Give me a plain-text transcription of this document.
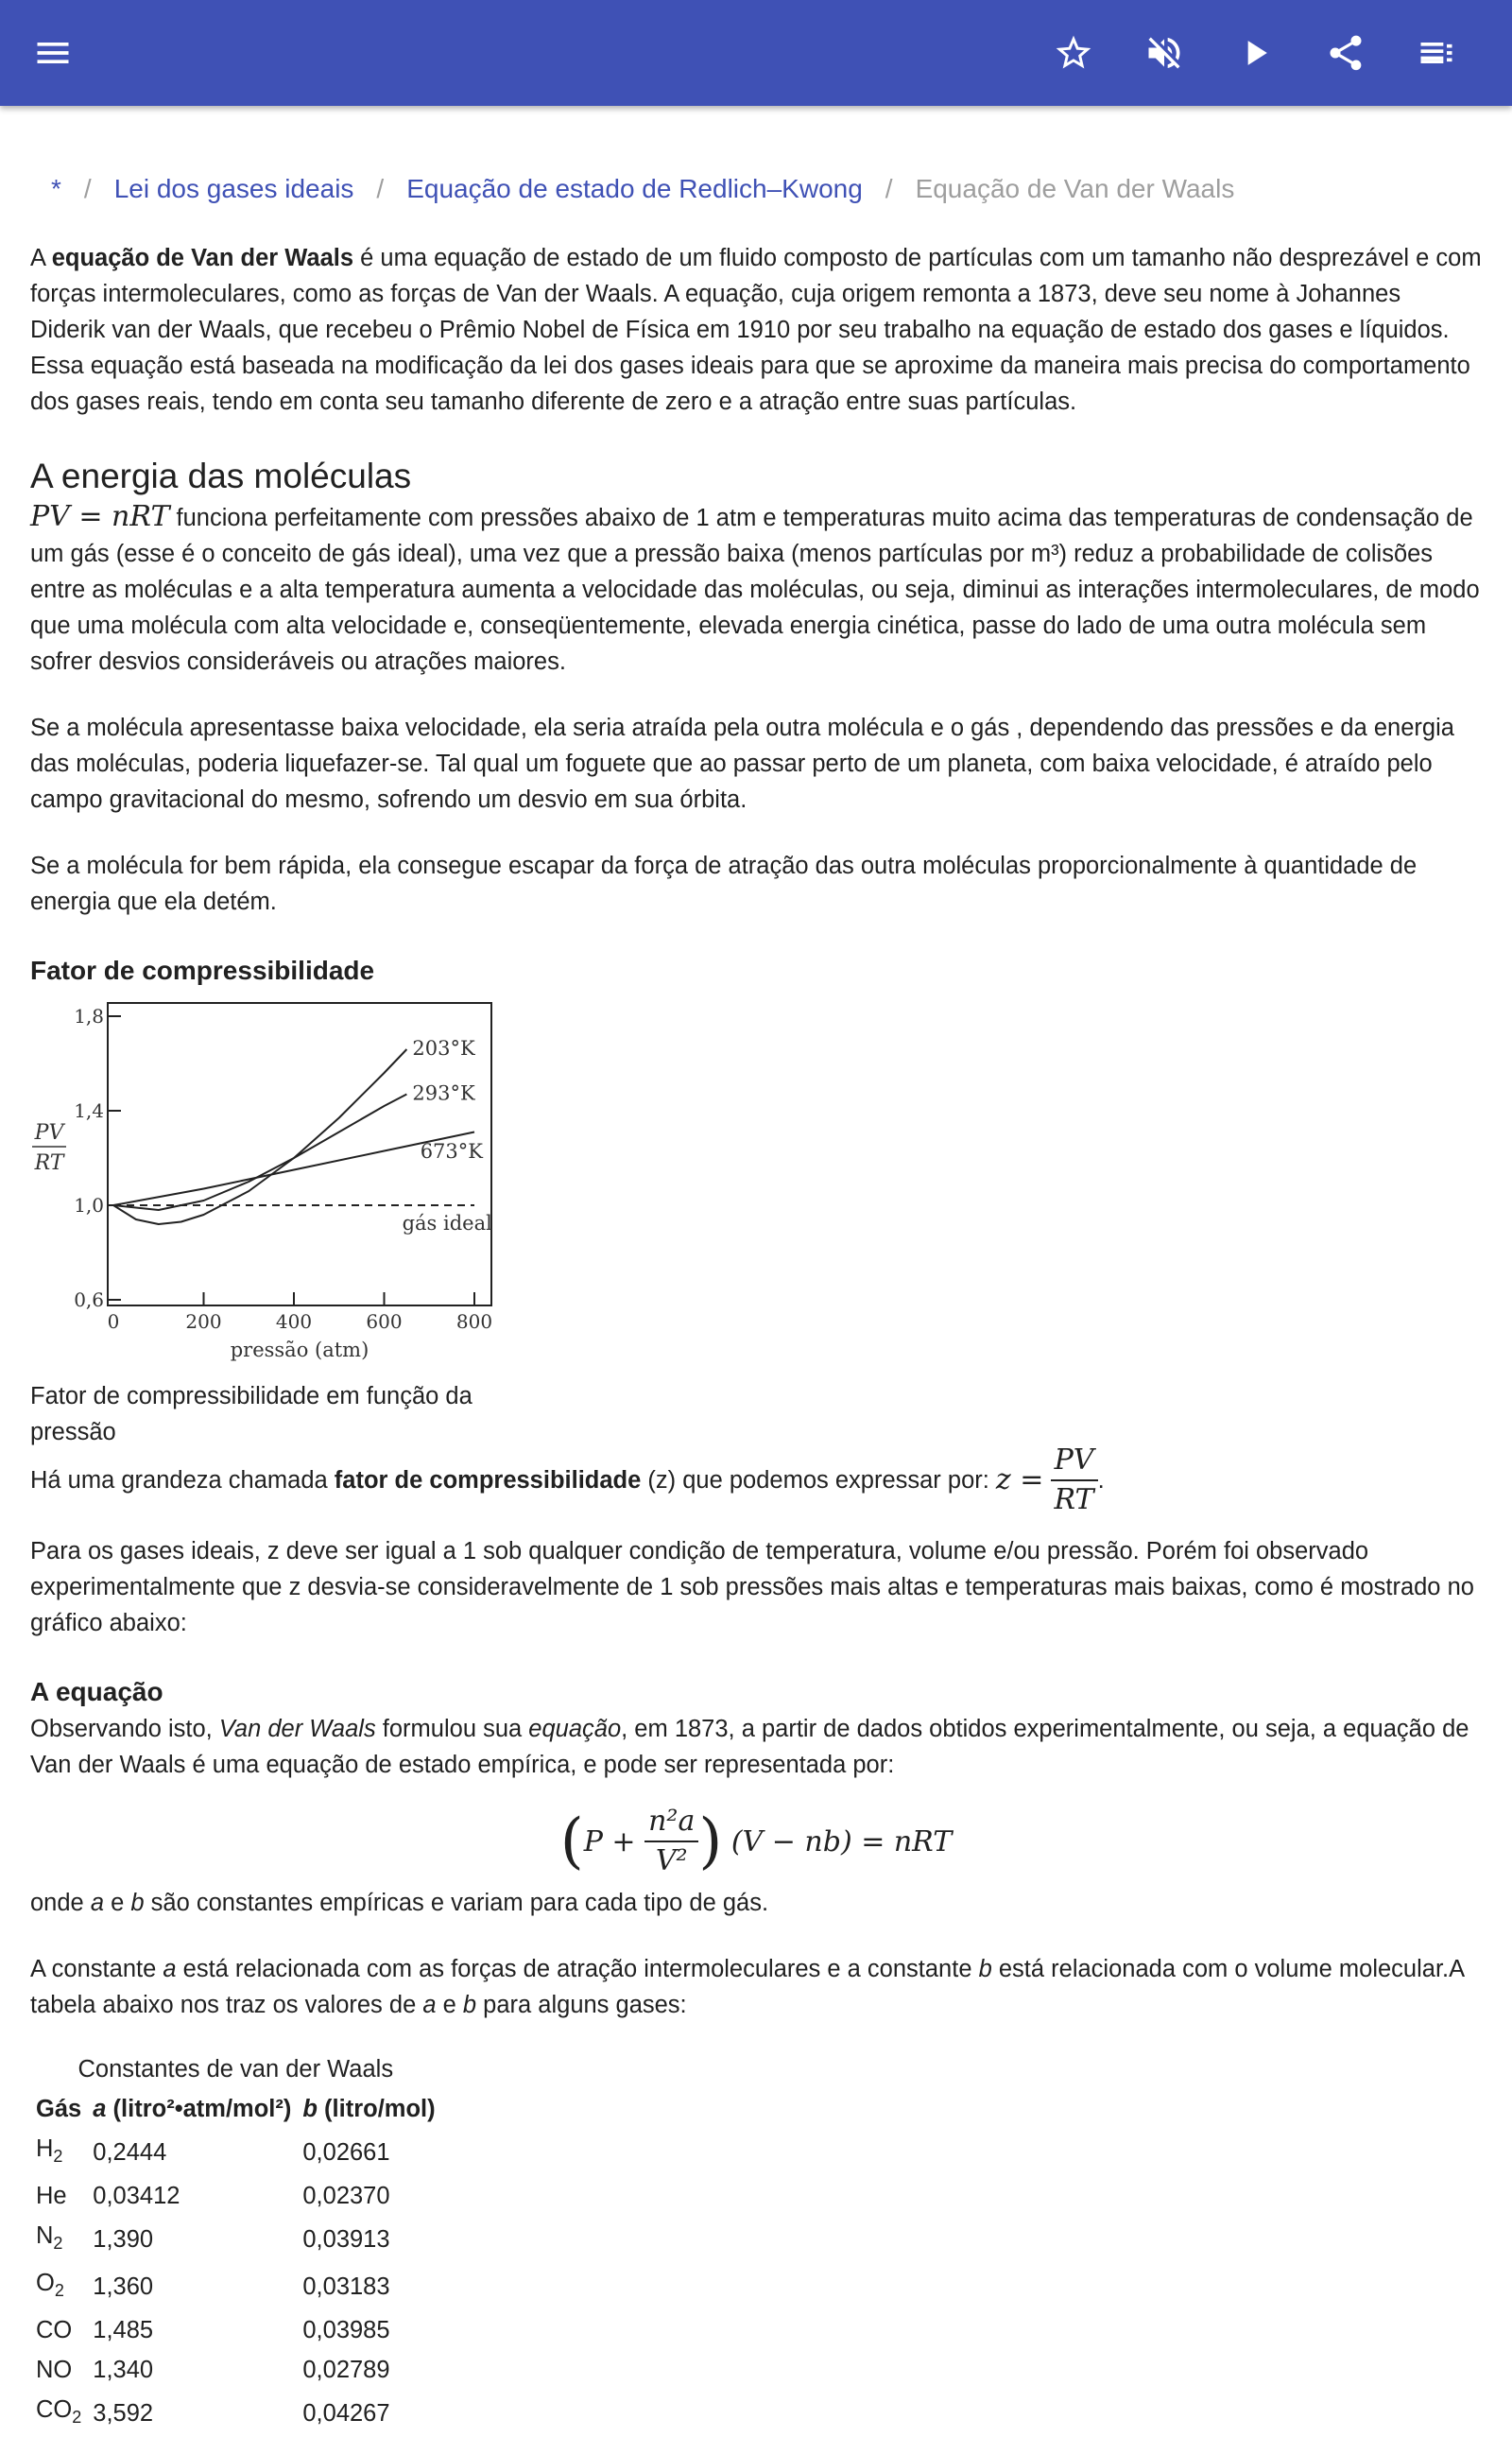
* / Lei dos gases ideais / Equação de estado de Redlich–Kwong / Equação de Van der Waals

A equação de Van der Waals é uma equação de estado de um fluido composto de partículas com um tamanho não desprezável e com forças intermoleculares, como as forças de Van der Waals. A equação, cuja origem remonta a 1873, deve seu nome à Johannes Diderik van der Waals, que recebeu o Prêmio Nobel de Física em 1910 por seu trabalho na equação de estado dos gases e líquidos. Essa equação está baseada na modificação da lei dos gases ideais para que se aproxime da maneira mais precisa do comportamento dos gases reais, tendo em conta seu tamanho diferente de zero e a atração entre suas partículas.

A energia das moléculas

PV = nRT funciona perfeitamente com pressões abaixo de 1 atm e temperaturas muito acima das temperaturas de condensação de um gás (esse é o conceito de gás ideal), uma vez que a pressão baixa (menos partículas por m³) reduz a probabilidade de colisões entre as moléculas e a alta temperatura aumenta a velocidade das moléculas, ou seja, diminui as interações intermoleculares, de modo que uma molécula com alta velocidade e, conseqüentemente, elevada energia cinética, passe do lado de uma outra molécula sem sofrer desvios consideráveis ou atrações maiores.

Se a molécula apresentasse baixa velocidade, ela seria atraída pela outra molécula e o gás , dependendo das pressões e da energia das moléculas, poderia liquefazer-se. Tal qual um foguete que ao passar perto de um planeta, com baixa velocidade, é atraído pelo campo gravitacional do mesmo, sofrendo um desvio em sua órbita.

Se a molécula for bem rápida, ela consegue escapar da força de atração das outra moléculas proporcionalmente à quantidade de energia que ela detém.

Fator de compressibilidade
0,6
1,0
1,4
1,8
0	200	400	600	800
pressão (atm)
PV
RT
203°K
293°K
673°K
gás ideal
Fator de compressibilidade em função da pressão

Há uma grandeza chamada
fator de compressibilidade
(z) que podemos expressar por:
z =
$\frac{PV}{RT}$ .

Para os gases ideais, z deve ser igual a 1 sob qualquer condição de temperatura, volume e/ou pressão. Porém foi observado experimentalmente que z desvia-se consideravelmente de 1 sob pressões mais altas e temperaturas mais baixas, como é mostrado no gráfico abaixo:

A equação

Observando isto, Van der Waals formulou sua equação, em 1873, a partir de dados obtidos experimentalmente, ou seja, a equação de Van der Waals é uma equação de estado empírica, e pode ser representada por:

( P +
$\frac{\text{n²a}}{\text{V²}}$ )
(V − nb) = nRT

onde a e b são constantes empíricas e variam para cada tipo de gás.

A constante a está relacionada com as forças de atração intermoleculares e a constante b está relacionada com o volume molecular.A tabela abaixo nos traz os valores de a e b para alguns gases:

Constantes de van der Waals
Gás	a (litro²•atm/mol²)	b (litro/mol)
$H_2$	0,2444	0,02661
He	0,03412	0,02370
$N_2$	1,390	0,03913
$O_2$	1,360	0,03183
CO	1,485	0,03985
NO	1,340	0,02789
$CO_2$	3,592	0,04267
